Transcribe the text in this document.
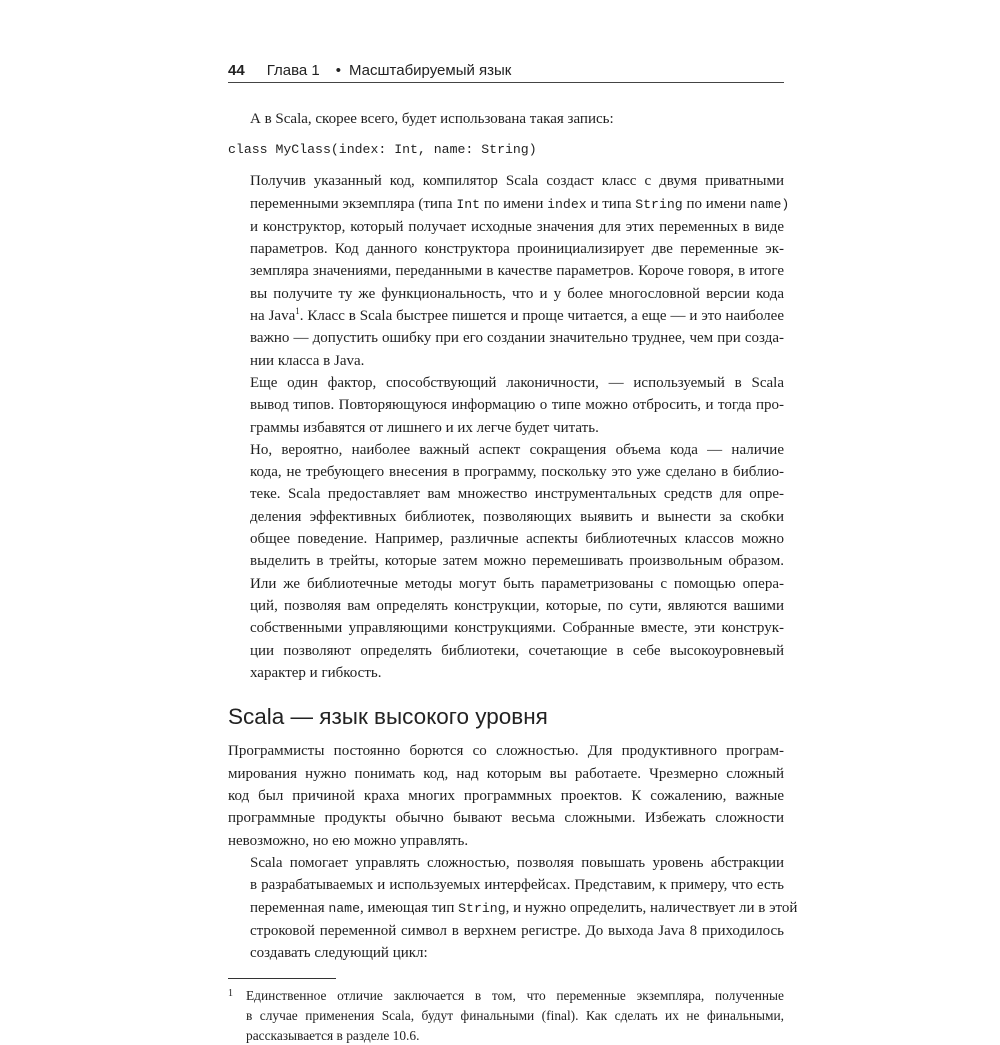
44 Глава 1 • Масштабируемый язык

А в Scala, скорее всего, будет использована такая запись:

class MyClass(index: Int, name: String)

Получив указанный код, компилятор Scala создаст класс с двумя приватными
переменными экземпляра (типа Int по имени index и типа String по имени name)
и конструктор, который получает исходные значения для этих переменных в виде
параметров. Код данного конструктора проинициализирует две переменные эк-
земпляра значениями, переданными в качестве параметров. Короче говоря, в итоге
вы получите ту же функциональность, что и у более многословной версии кода
на Java$^1$. Класс в Scala быстрее пишется и проще читается, а еще — и это наиболее
важно — допустить ошибку при его создании значительно труднее, чем при созда-
нии класса в Java.

Еще один фактор, способствующий лаконичности, — используемый в Scala
вывод типов. Повторяющуюся информацию о типе можно отбросить, и тогда про-
граммы избавятся от лишнего и их легче будет читать.

Но, вероятно, наиболее важный аспект сокращения объема кода — наличие
кода, не требующего внесения в программу, поскольку это уже сделано в библио-
теке. Scala предоставляет вам множество инструментальных средств для опре-
деления эффективных библиотек, позволяющих выявить и вынести за скобки
общее поведение. Например, различные аспекты библиотечных классов можно
выделить в трейты, которые затем можно перемешивать произвольным образом.
Или же библиотечные методы могут быть параметризованы с помощью опера-
ций, позволяя вам определять конструкции, которые, по сути, являются вашими
собственными управляющими конструкциями. Собранные вместе, эти конструк-
ции позволяют определять библиотеки, сочетающие в себе высокоуровневый
характер и гибкость.

Scala — язык высокого уровня

Программисты постоянно борются со сложностью. Для продуктивного програм-
мирования нужно понимать код, над которым вы работаете. Чрезмерно сложный
код был причиной краха многих программных проектов. К сожалению, важные
программные продукты обычно бывают весьма сложными. Избежать сложности
невозможно, но ею можно управлять.

Scala помогает управлять сложностью, позволяя повышать уровень абстракции
в разрабатываемых и используемых интерфейсах. Представим, к примеру, что есть
переменная name, имеющая тип String, и нужно определить, наличествует ли в этой
строковой переменной символ в верхнем регистре. До выхода Java 8 приходилось
создавать следующий цикл:

1 Единственное отличие заключается в том, что переменные экземпляра, полученные
в случае применения Scala, будут финальными (final). Как сделать их не финальными,
рассказывается в разделе 10.6.
